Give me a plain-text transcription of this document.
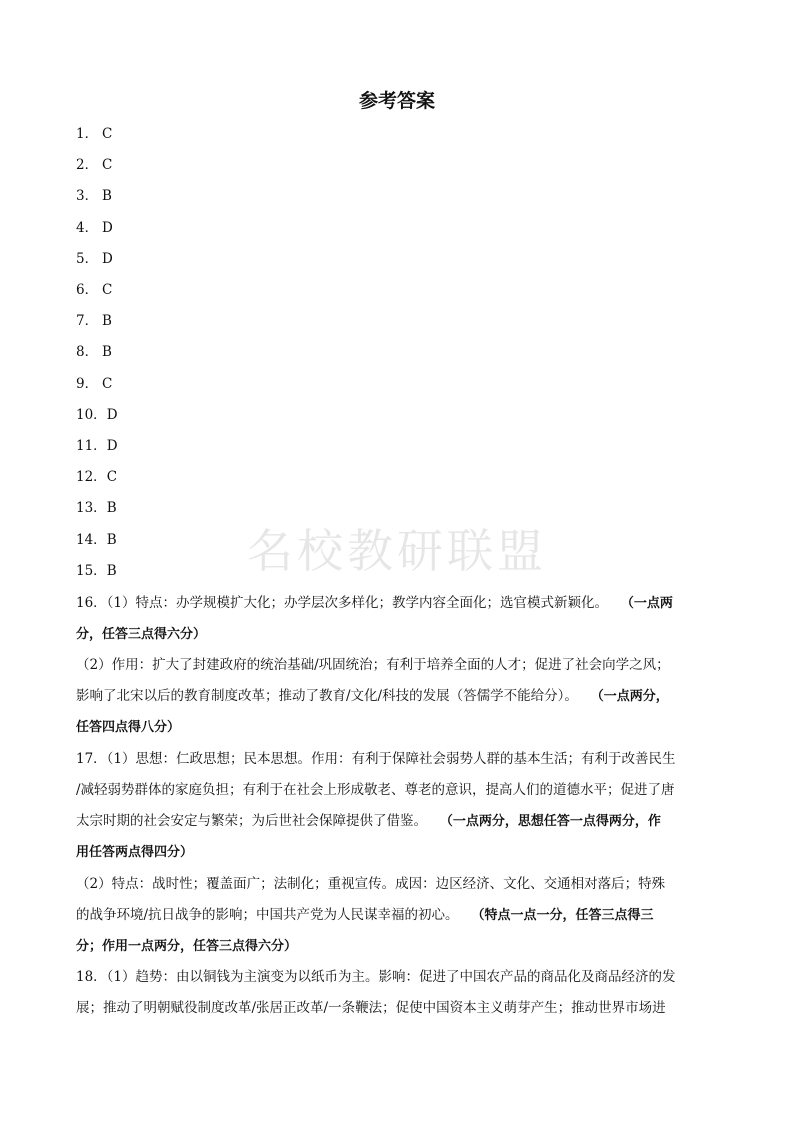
参考答案
名校教研联盟
1． C
2． C
3． B
4． D
5． D
6． C
7． B
8． B
9． C
10．D
11．D
12．C
13．B
14．B
15．B
16．（1）特点：办学规模扩大化；办学层次多样化；教学内容全面化；选官模式新颖化。 （一点两
分，任答三点得六分）
（2）作用：扩大了封建政府的统治基础/巩固统治；有利于培养全面的人才；促进了社会向学之风；
影响了北宋以后的教育制度改革；推动了教育/文化/科技的发展（答儒学不能给分）。 （一点两分，
任答四点得八分）
17．（1）思想：仁政思想；民本思想。作用：有利于保障社会弱势人群的基本生活；有利于改善民生
/减轻弱势群体的家庭负担；有利于在社会上形成敬老、尊老的意识，提高人们的道德水平；促进了唐
太宗时期的社会安定与繁荣；为后世社会保障提供了借鉴。 （一点两分，思想任答一点得两分，作
用任答两点得四分）
（2）特点：战时性；覆盖面广；法制化；重视宣传。成因：边区经济、文化、交通相对落后；特殊
的战争环境/抗日战争的影响；中国共产党为人民谋幸福的初心。 （特点一点一分，任答三点得三
分；作用一点两分，任答三点得六分）
18．（1）趋势：由以铜钱为主演变为以纸币为主。影响：促进了中国农产品的商品化及商品经济的发
展；推动了明朝赋役制度改革/张居正改革/一条鞭法；促使中国资本主义萌芽产生；推动世界市场进
